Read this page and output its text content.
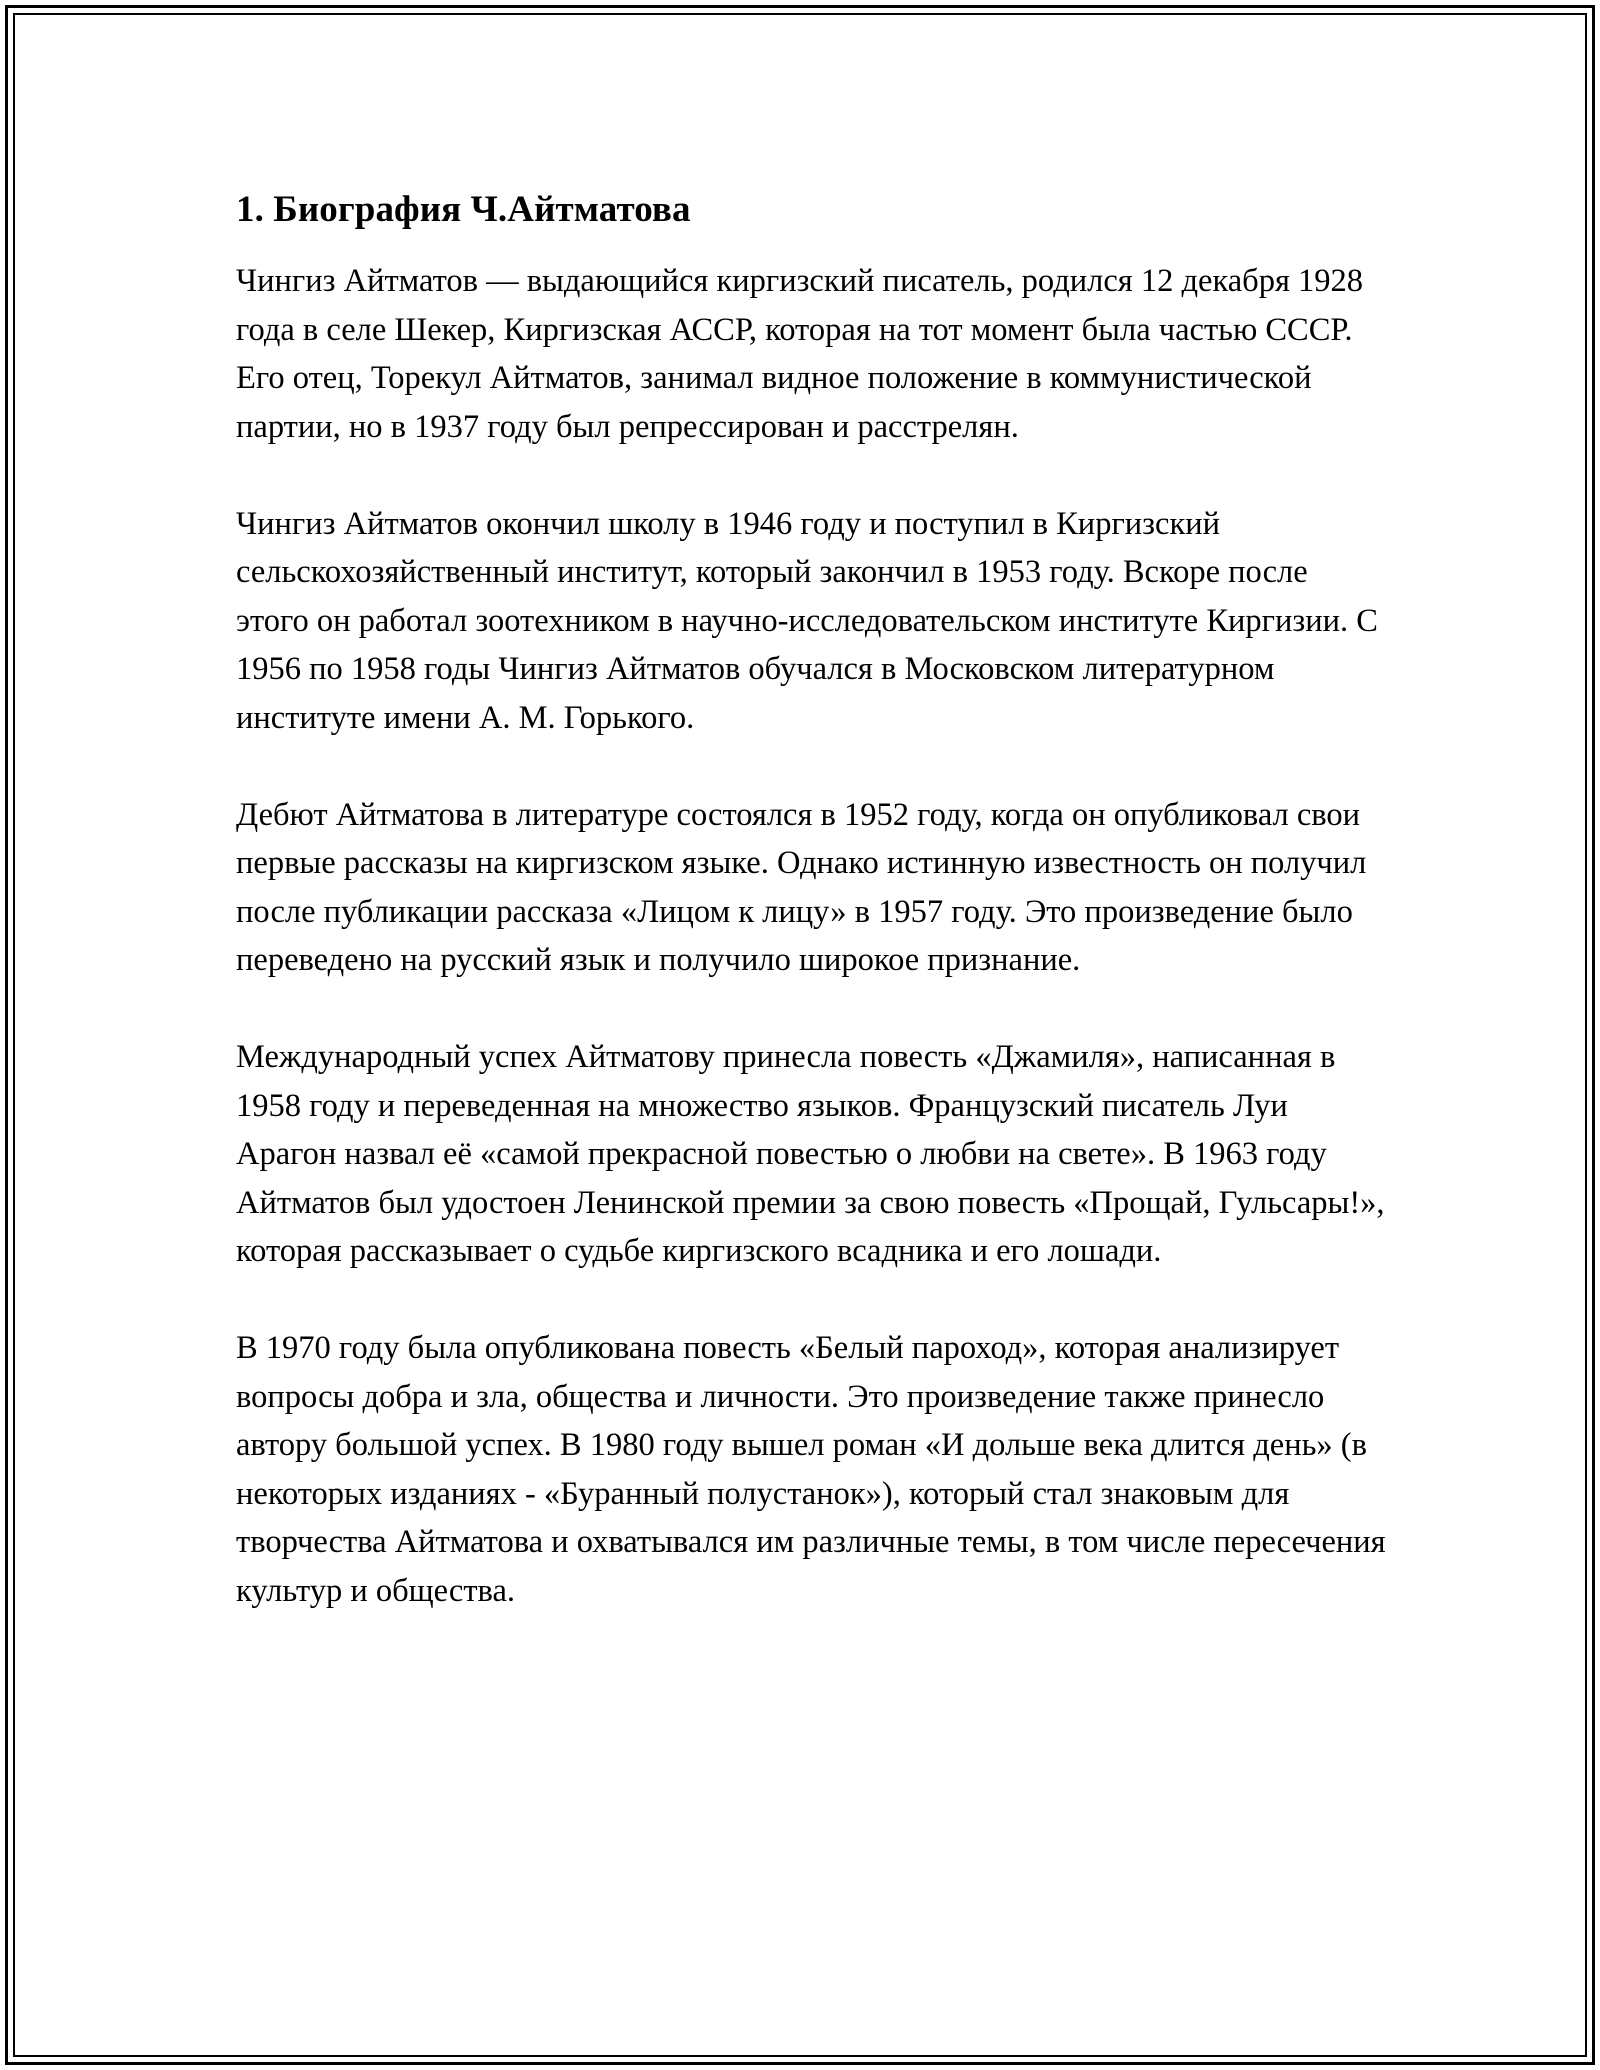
1. Биография Ч.Айтматова

Чингиз Айтматов — выдающийся киргизский писатель, родился 12 декабря 1928 года в селе Шекер, Киргизская АССР, которая на тот момент была частью СССР. Его отец, Торекул Айтматов, занимал видное положение в коммунистической партии, но в 1937 году был репрессирован и расстрелян.

Чингиз Айтматов окончил школу в 1946 году и поступил в Киргизский сельскохозяйственный институт, который закончил в 1953 году. Вскоре после этого он работал зоотехником в научно-исследовательском институте Киргизии. С 1956 по 1958 годы Чингиз Айтматов обучался в Московском литературном институте имени А. М. Горького.

Дебют Айтматова в литературе состоялся в 1952 году, когда он опубликовал свои первые рассказы на киргизском языке. Однако истинную известность он получил после публикации рассказа «Лицом к лицу» в 1957 году. Это произведение было переведено на русский язык и получило широкое признание.

Международный успех Айтматову принесла повесть «Джамиля», написанная в 1958 году и переведенная на множество языков. Французский писатель Луи Арагон назвал её «самой прекрасной повестью о любви на свете». В 1963 году Айтматов был удостоен Ленинской премии за свою повесть «Прощай, Гульсары!», которая рассказывает о судьбе киргизского всадника и его лошади.

В 1970 году была опубликована повесть «Белый пароход», которая анализирует вопросы добра и зла, общества и личности. Это произведение также принесло автору большой успех. В 1980 году вышел роман «И дольше века длится день» (в некоторых изданиях - «Буранный полустанок»), который стал знаковым для творчества Айтматова и охватывался им различные темы, в том числе пересечения культур и общества.
